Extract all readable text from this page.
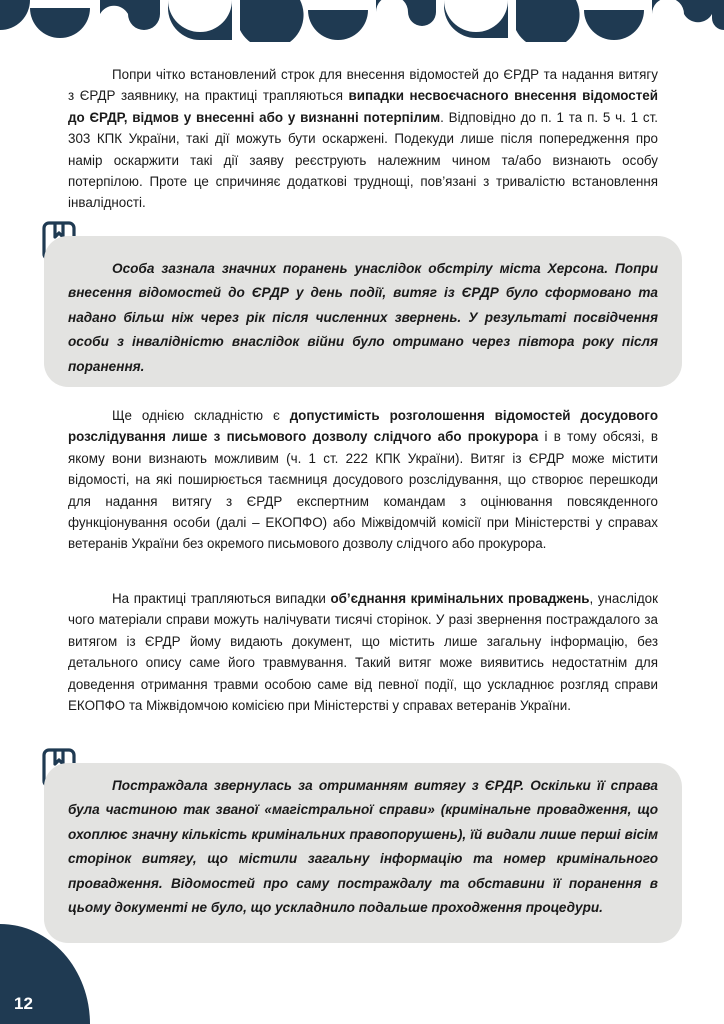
Попри чітко встановлений строк для внесення відомостей до ЄРДР та надання витягу з ЄРДР заявнику, на практиці трапляються випадки несвоєчасного внесення відомостей до ЄРДР, відмов у внесенні або у визнанні потерпілим. Відповідно до п. 1 та п. 5 ч. 1 ст. 303 КПК України, такі дії можуть бути оскаржені. Подекуди лише після попередження про намір оскаржити такі дії заяву реєструють належним чином та/або визнають особу потерпілою. Проте це спричиняє додаткові труднощі, пов’язані з тривалістю встановлення інвалідності.

Особа зазнала значних поранень унаслідок обстрілу міста Херсона. Попри внесення відомостей до ЄРДР у день події, витяг із ЄРДР було сформовано та надано більш ніж через рік після численних звернень. У результаті посвідчення особи з інвалідністю внаслідок війни було отримано через півтора року після поранення.

Ще однією складністю є допустимість розголошення відомостей досудового розслідування лише з письмового дозволу слідчого або прокурора і в тому обсязі, в якому вони визнають можливим (ч. 1 ст. 222 КПК України). Витяг із ЄРДР може містити відомості, на які поширюється таємниця досудового розслідування, що створює перешкоди для надання витягу з ЄРДР експертним командам з оцінювання повсякденного функціонування особи (далі – ЕКОПФО) або Міжвідомчій комісії при Міністерстві у справах ветеранів України без окремого письмового дозволу слідчого або прокурора.

На практиці трапляються випадки об’єднання кримінальних проваджень, унаслідок чого матеріали справи можуть налічувати тисячі сторінок. У разі звернення постраждалого за витягом із ЄРДР йому видають документ, що містить лише загальну інформацію, без детального опису саме його травмування. Такий витяг може виявитись недостатнім для доведення отримання травми особою саме від певної події, що ускладнює розгляд справи ЕКОПФО та Міжвідомчою комісією при Міністерстві у справах ветеранів України.

Постраждала звернулась за отриманням витягу з ЄРДР. Оскільки її справа була частиною так званої «магістральної справи» (кримінальне провадження, що охоплює значну кількість кримінальних правопорушень), їй видали лише перші вісім сторінок витягу, що містили загальну інформацію та номер кримінального провадження. Відомостей про саму постраждалу та обставини її поранення в цьому документі не було, що ускладнило подальше проходження процедури.

12
